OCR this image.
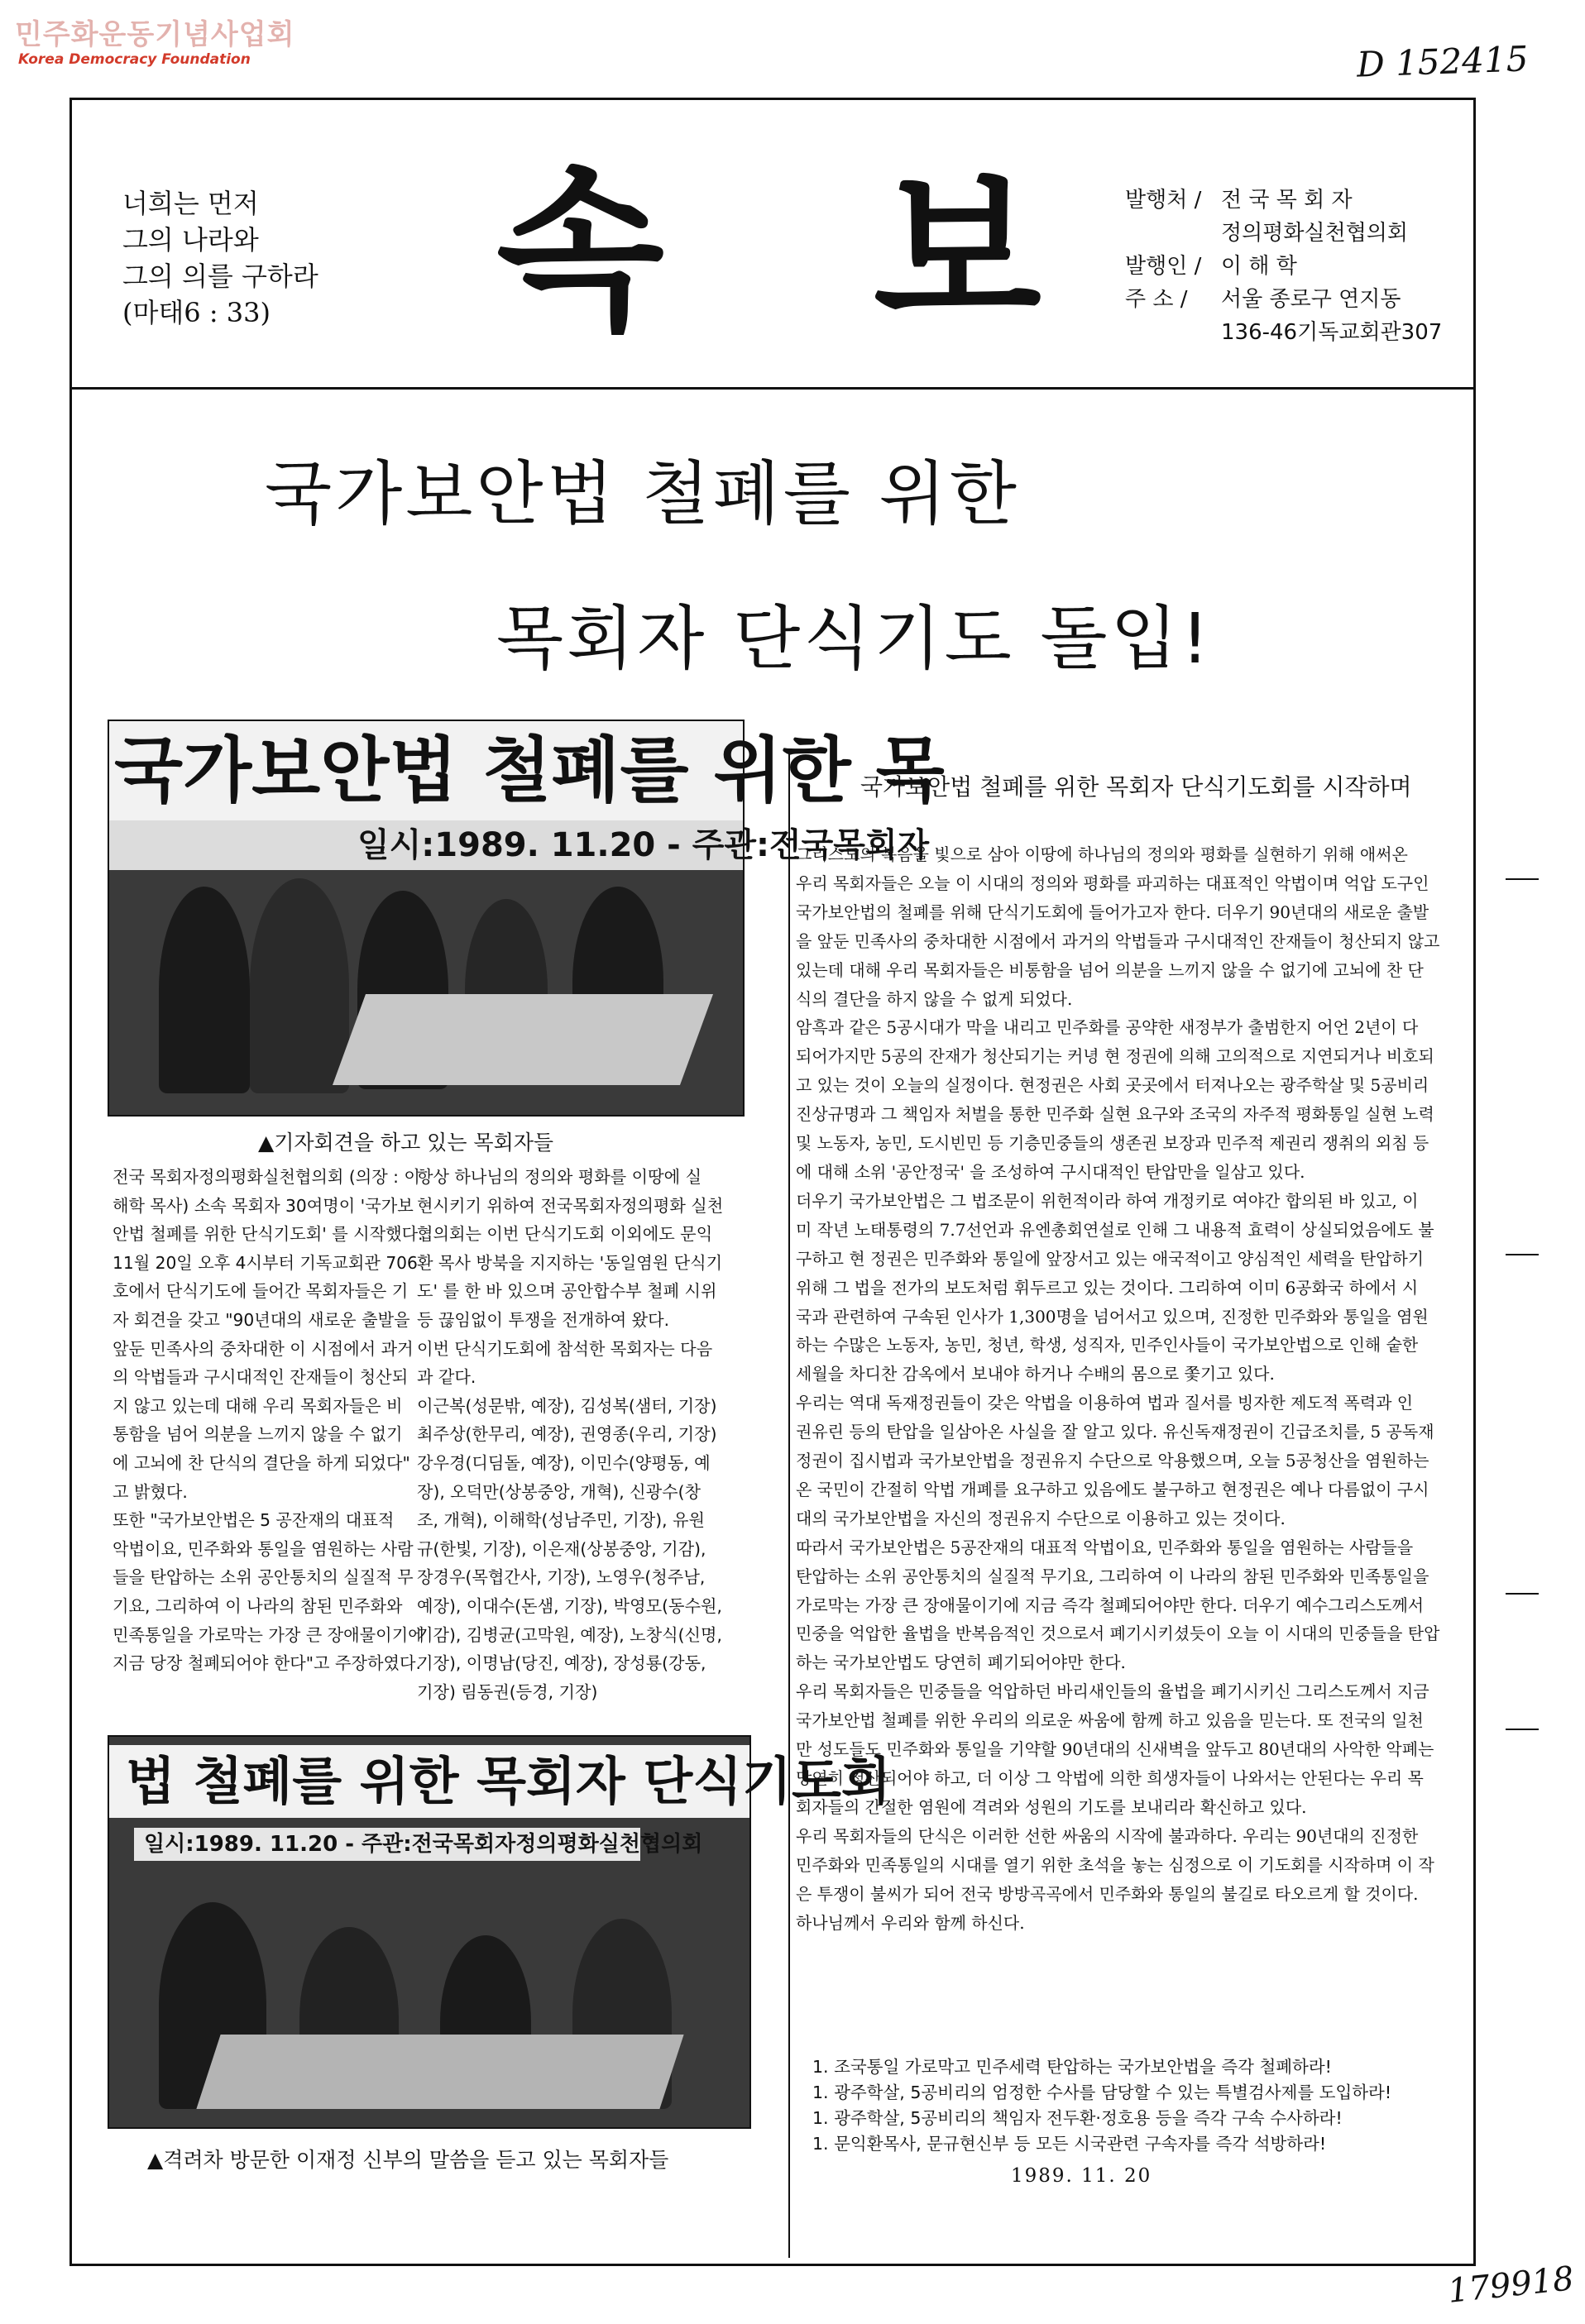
민주화운동기념사업회
Korea Democracy Foundation	D 152415
179918
너희는 먼저
그의 나라와
그의 의를 구하라
(마태6 : 33) 속 보 발행처 / 전 국 목 회 자
정의평화실천협의회
발행인 / 이 해 학
주 소 / 서울 종로구 연지동
136-46기독교회관307
국가보안법 철폐를 위한
목회자 단식기도 돌입!
국가보안법 철폐를 위한 목
일시:1989. 11.20 - 주관:전국목회자
▲기자회견을 하고 있는 목회자들

전국 목회자정의평화실천협의회 (의장 : 이

해학 목사) 소속 목회자 30여명이 '국가보

안법 철폐를 위한 단식기도회' 를 시작했다.

11월 20일 오후 4시부터 기독교회관 706

호에서 단식기도에 들어간 목회자들은 기

자 회견을 갖고 "90년대의 새로운 출발을

앞둔 민족사의 중차대한 이 시점에서 과거

의 악법들과 구시대적인 잔재들이 청산되

지 않고 있는데 대해 우리 목회자들은 비

통함을 넘어 의분을 느끼지 않을 수 없기

에 고뇌에 찬 단식의 결단을 하게 되었다"

고 밝혔다.

또한 "국가보안법은 5 공잔재의 대표적

악법이요, 민주화와 통일을 염원하는 사람

들을 탄압하는 소위 공안통치의 실질적 무

기요, 그리하여 이 나라의 참된 민주화와

민족통일을 가로막는 가장 큰 장애물이기에

지금 당장 철폐되어야 한다"고 주장하였다.

항상 하나님의 정의와 평화를 이땅에 실

현시키기 위하여 전국목회자정의평화 실천

협의회는 이번 단식기도회 이외에도 문익

환 목사 방북을 지지하는 '동일염원 단식기

도' 를 한 바 있으며 공안합수부 철폐 시위

등 끊임없이 투쟁을 전개하여 왔다.

이번 단식기도회에 참석한 목회자는 다음

과 같다.

이근복(성문밖, 예장), 김성복(샘터, 기장)

최주상(한무리, 예장), 권영종(우리, 기장)

강우경(디딤돌, 예장), 이민수(양평동, 예

장), 오덕만(상봉중앙, 개혁), 신광수(창

조, 개혁), 이해학(성남주민, 기장), 유원

규(한빛, 기장), 이은재(상봉중앙, 기감),

장경우(목협간사, 기장), 노영우(청주남,

예장), 이대수(돈샘, 기장), 박영모(동수원,

기감), 김병균(고막원, 예장), 노창식(신명,

기장), 이명남(당진, 예장), 장성룡(강동,

기장) 림동권(등경, 기장)

법 철폐를 위한 목회자 단식기도회
일시:1989. 11.20 - 주관:전국목회자정의평화실천협의회
▲격려차 방문한 이재정 신부의 말씀을 듣고 있는 목회자들
국가보안법 철폐를 위한 목회자 단식기도회를 시작하며

그리스도의 복음을 빛으로 삼아 이땅에 하나님의 정의와 평화를 실현하기 위해 애써온

우리 목회자들은 오늘 이 시대의 정의와 평화를 파괴하는 대표적인 악법이며 억압 도구인

국가보안법의 철폐를 위해 단식기도회에 들어가고자 한다. 더우기 90년대의 새로운 출발

을 앞둔 민족사의 중차대한 시점에서 과거의 악법들과 구시대적인 잔재들이 청산되지 않고

있는데 대해 우리 목회자들은 비통함을 넘어 의분을 느끼지 않을 수 없기에 고뇌에 찬 단

식의 결단을 하지 않을 수 없게 되었다.

암흑과 같은 5공시대가 막을 내리고 민주화를 공약한 새정부가 출범한지 어언 2년이 다

되어가지만 5공의 잔재가 청산되기는 커녕 현 정권에 의해 고의적으로 지연되거나 비호되

고 있는 것이 오늘의 실정이다. 현정권은 사회 곳곳에서 터져나오는 광주학살 및 5공비리

진상규명과 그 책임자 처벌을 통한 민주화 실현 요구와 조국의 자주적 평화통일 실현 노력

및 노동자, 농민, 도시빈민 등 기층민중들의 생존권 보장과 민주적 제권리 쟁취의 외침 등

에 대해 소위 '공안정국' 을 조성하여 구시대적인 탄압만을 일삼고 있다.

더우기 국가보안법은 그 법조문이 위헌적이라 하여 개정키로 여야간 합의된 바 있고, 이

미 작년 노태통령의 7.7선언과 유엔총회연설로 인해 그 내용적 효력이 상실되었음에도 불

구하고 현 정권은 민주화와 통일에 앞장서고 있는 애국적이고 양심적인 세력을 탄압하기

위해 그 법을 전가의 보도처럼 휘두르고 있는 것이다. 그리하여 이미 6공화국 하에서 시

국과 관련하여 구속된 인사가 1,300명을 넘어서고 있으며, 진정한 민주화와 통일을 염원

하는 수많은 노동자, 농민, 청년, 학생, 성직자, 민주인사들이 국가보안법으로 인해 숱한

세월을 차디찬 감옥에서 보내야 하거나 수배의 몸으로 쫓기고 있다.

우리는 역대 독재정권들이 갖은 악법을 이용하여 법과 질서를 빙자한 제도적 폭력과 인

권유린 등의 탄압을 일삼아온 사실을 잘 알고 있다. 유신독재정권이 긴급조치를, 5 공독재

정권이 집시법과 국가보안법을 정권유지 수단으로 악용했으며, 오늘 5공청산을 염원하는

온 국민이 간절히 악법 개폐를 요구하고 있음에도 불구하고 현정권은 예나 다름없이 구시

대의 국가보안법을 자신의 정권유지 수단으로 이용하고 있는 것이다.

따라서 국가보안법은 5공잔재의 대표적 악법이요, 민주화와 통일을 염원하는 사람들을

탄압하는 소위 공안통치의 실질적 무기요, 그리하여 이 나라의 참된 민주화와 민족통일을

가로막는 가장 큰 장애물이기에 지금 즉각 철폐되어야만 한다. 더우기 예수그리스도께서

민중을 억압한 율법을 반복음적인 것으로서 폐기시키셨듯이 오늘 이 시대의 민중들을 탄압

하는 국가보안법도 당연히 폐기되어야만 한다.

우리 목회자들은 민중들을 억압하던 바리새인들의 율법을 폐기시키신 그리스도께서 지금

국가보안법 철폐를 위한 우리의 의로운 싸움에 함께 하고 있음을 믿는다. 또 전국의 일천

만 성도들도 민주화와 통일을 기약할 90년대의 신새벽을 앞두고 80년대의 사악한 악폐는

당연히 청산되어야 하고, 더 이상 그 악법에 의한 희생자들이 나와서는 안된다는 우리 목

회자들의 간절한 염원에 격려와 성원의 기도를 보내리라 확신하고 있다.

우리 목회자들의 단식은 이러한 선한 싸움의 시작에 불과하다. 우리는 90년대의 진정한

민주화와 민족통일의 시대를 열기 위한 초석을 놓는 심정으로 이 기도회를 시작하며 이 작

은 투쟁이 불씨가 되어 전국 방방곡곡에서 민주화와 통일의 불길로 타오르게 할 것이다.

하나님께서 우리와 함께 하신다.

1. 조국통일 가로막고 민주세력 탄압하는 국가보안법을 즉각 철폐하라!
1. 광주학살, 5공비리의 엄정한 수사를 담당할 수 있는 특별검사제를 도입하라!
1. 광주학살, 5공비리의 책임자 전두환·정호용 등을 즉각 구속 수사하라!
1. 문익환목사, 문규현신부 등 모든 시국관련 구속자를 즉각 석방하라!
1989. 11. 20
